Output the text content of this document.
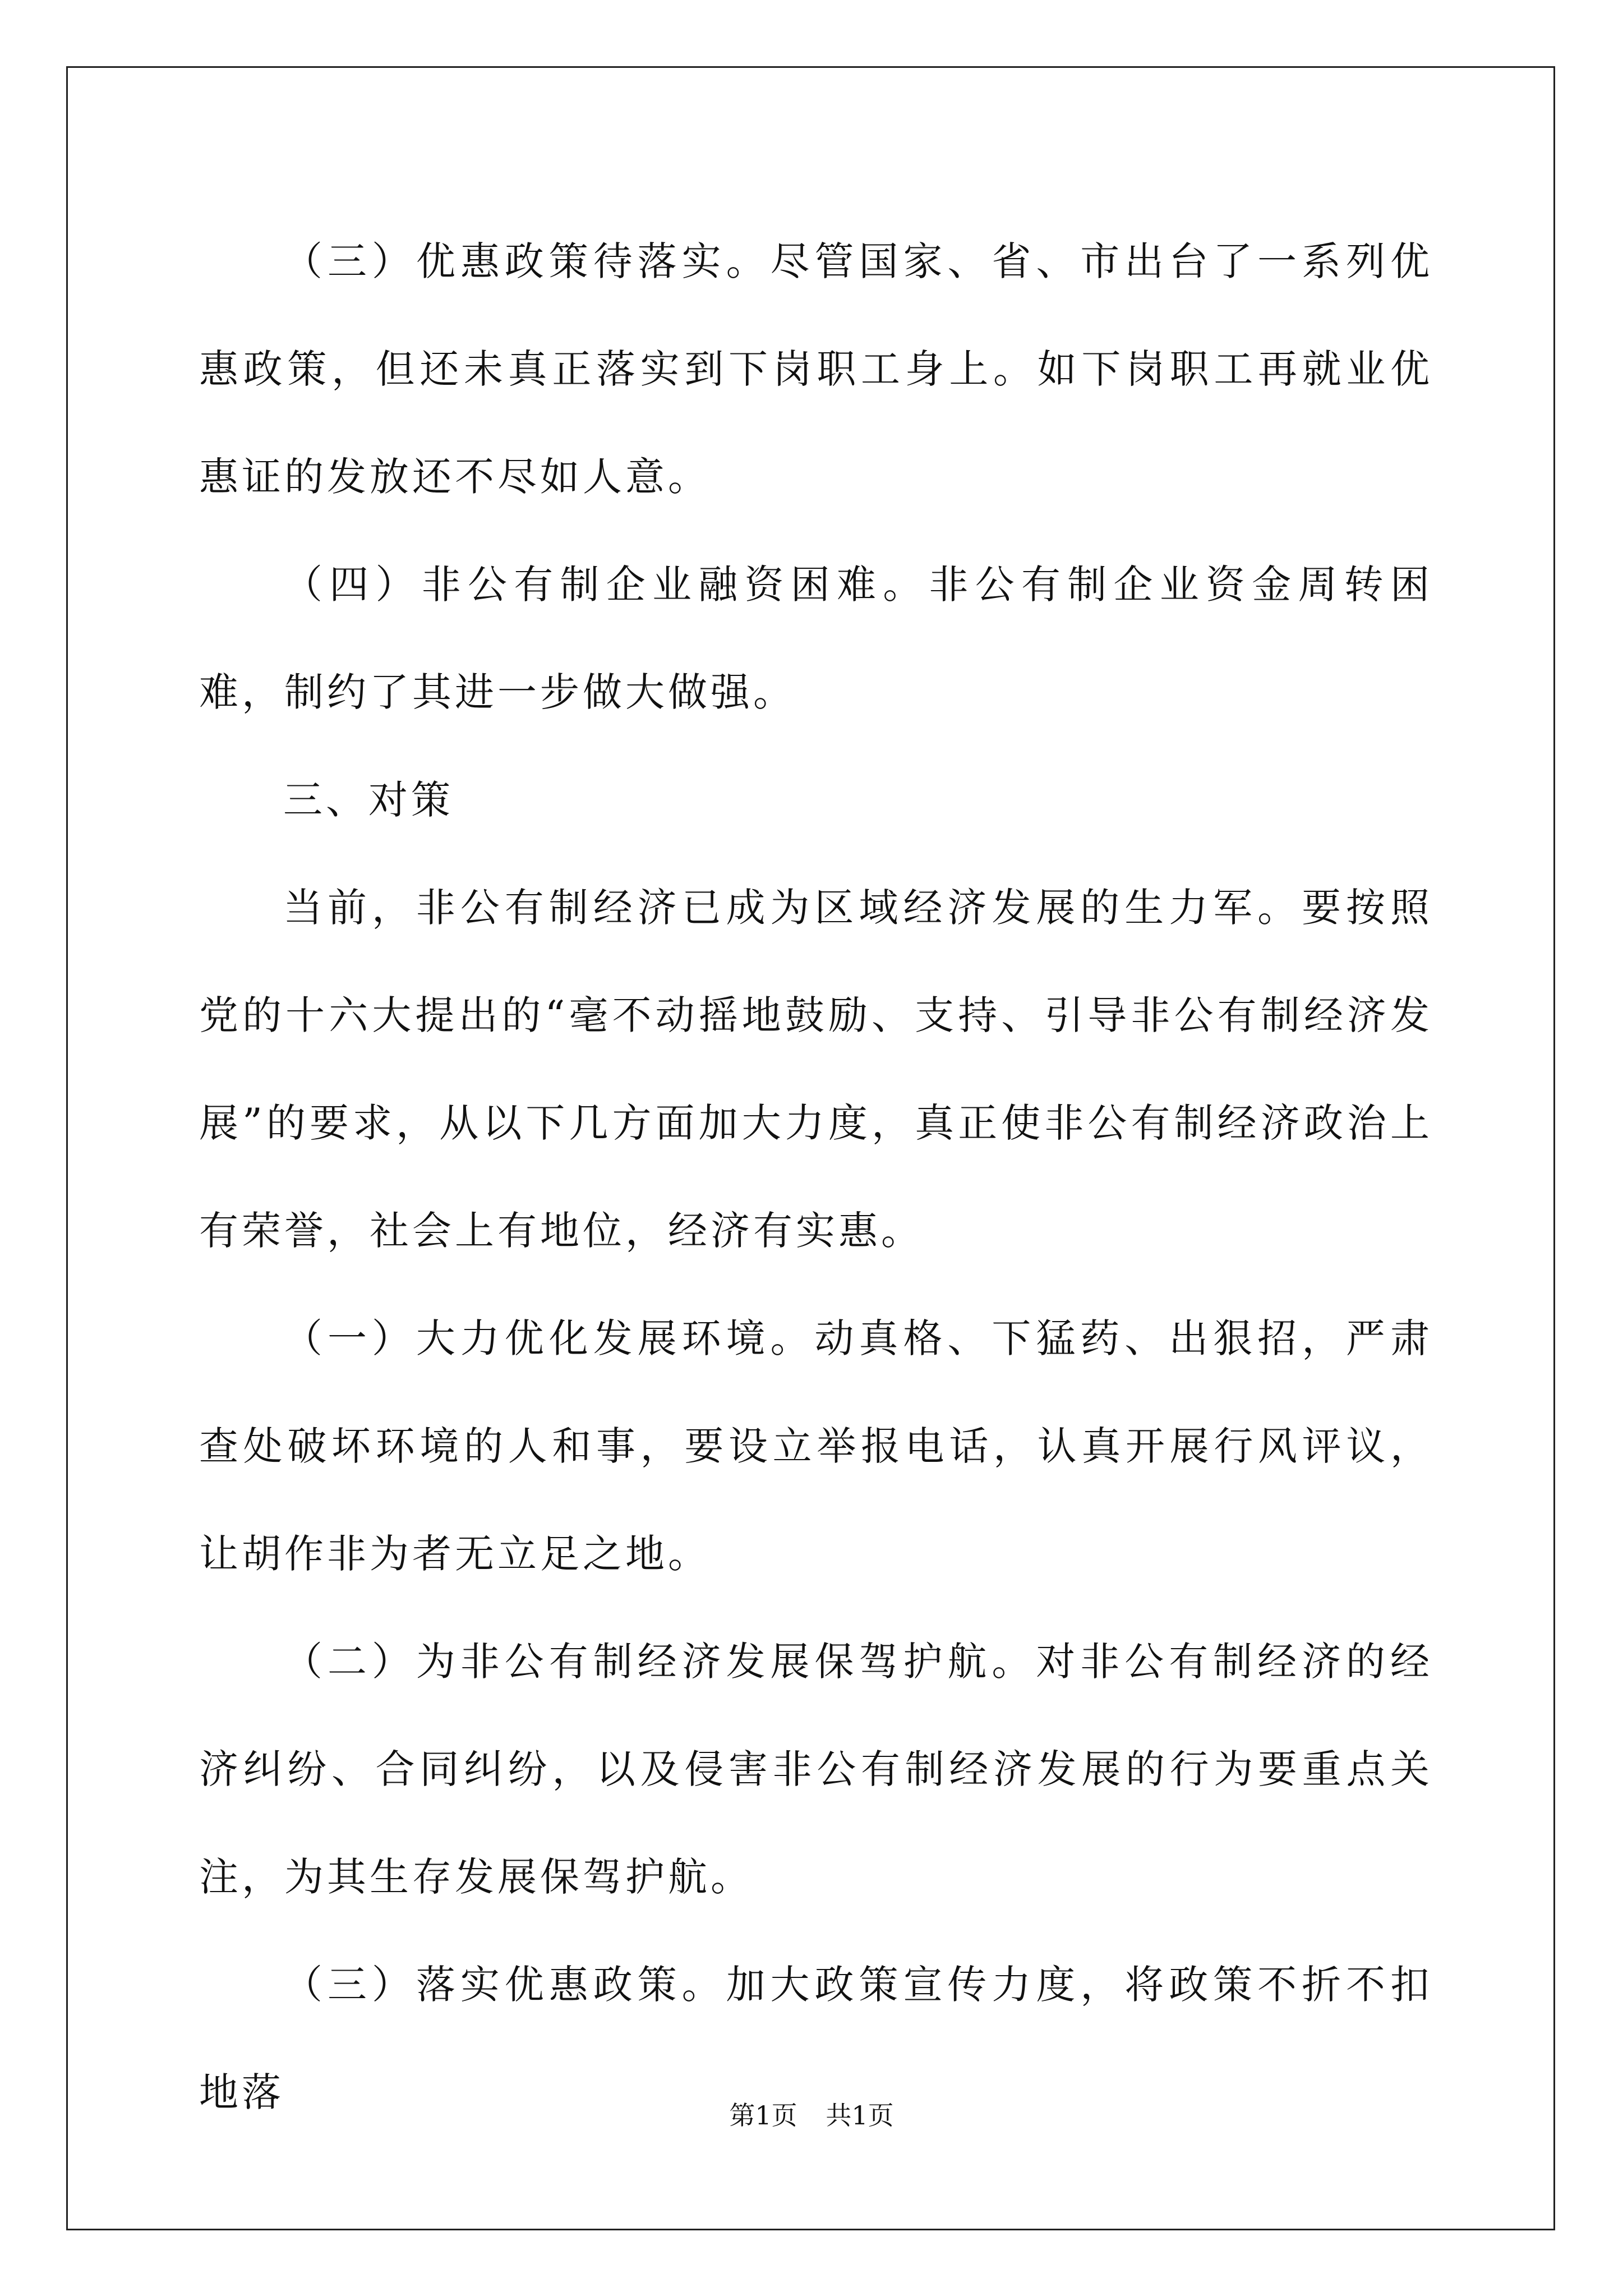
（三）优惠政策待落实。尽管国家、省、市出台了一系列优惠政策，但还未真正落实到下岗职工身上。如下岗职工再就业优惠证的发放还不尽如人意。

（四）非公有制企业融资困难。非公有制企业资金周转困难，制约了其进一步做大做强。

三、对策

当前，非公有制经济已成为区域经济发展的生力军。要按照党的十六大提出的“毫不动摇地鼓励、支持、引导非公有制经济发展”的要求，从以下几方面加大力度，真正使非公有制经济政治上有荣誉，社会上有地位，经济有实惠。

（一）大力优化发展环境。动真格、下猛药、出狠招，严肃查处破坏环境的人和事，要设立举报电话，认真开展行风评议，让胡作非为者无立足之地。

（二）为非公有制经济发展保驾护航。对非公有制经济的经济纠纷、合同纠纷，以及侵害非公有制经济发展的行为要重点关注，为其生存发展保驾护航。

（三）落实优惠政策。加大政策宣传力度，将政策不折不扣地落	第1页 共1页
